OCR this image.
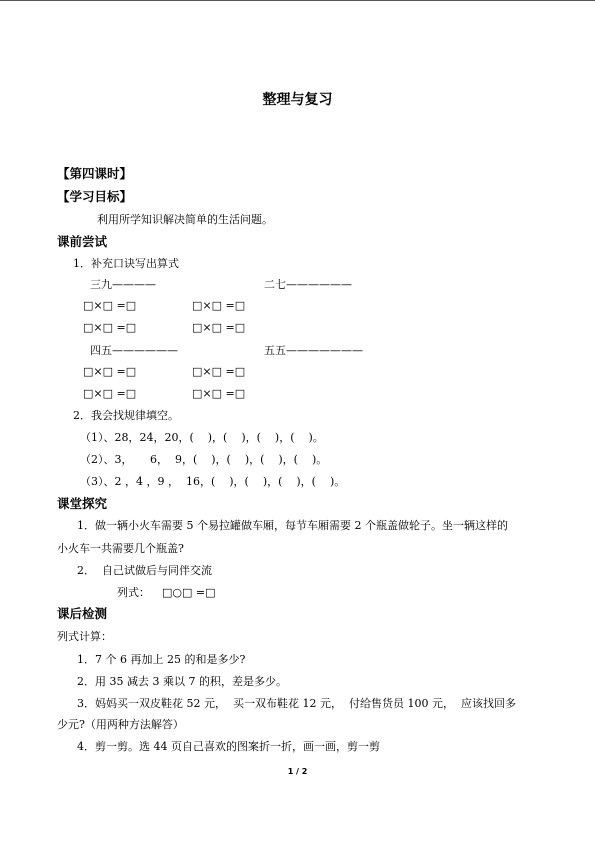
整理与复习
【第四课时】
【学习目标】
利用所学知识解决简单的生活问题。
课前尝试
1．补充口诀写出算式
三九————	二七——————
□×□ =□	□×□ =□
□×□ =□	□×□ =□
四五——————	五五———————
□×□ =□	□×□ =□
□×□ =□	□×□ =□
2．我会找规律填空。
（1）、28，24，20，(    )，(    )，(    )，(    )。
（2）、3，     6，  9，(    )，(    )，(    )，(    )。
（3）、2 ，4 ，9 ，  16，(    )，(    )，(    )，(    )。
课堂探究
1．做一辆小火车需要 5 个易拉罐做车厢，每节车厢需要 2 个瓶盖做轮子。坐一辆这样的
小火车一共需要几个瓶盖?
2．  自己试做后与同伴交流
列式： □○□ =□
课后检测
列式计算：
1．7 个 6 再加上 25 的和是多少?
2．用 35 减去 3 乘以 7 的积，差是多少。
3．妈妈买一双皮鞋花 52 元，  买一双布鞋花 12 元，  付给售货员 100 元，  应该找回多
少元?（用两种方法解答）
4．剪一剪。选 44 页自己喜欢的图案折一折，画一画，剪一剪
1 / 2
